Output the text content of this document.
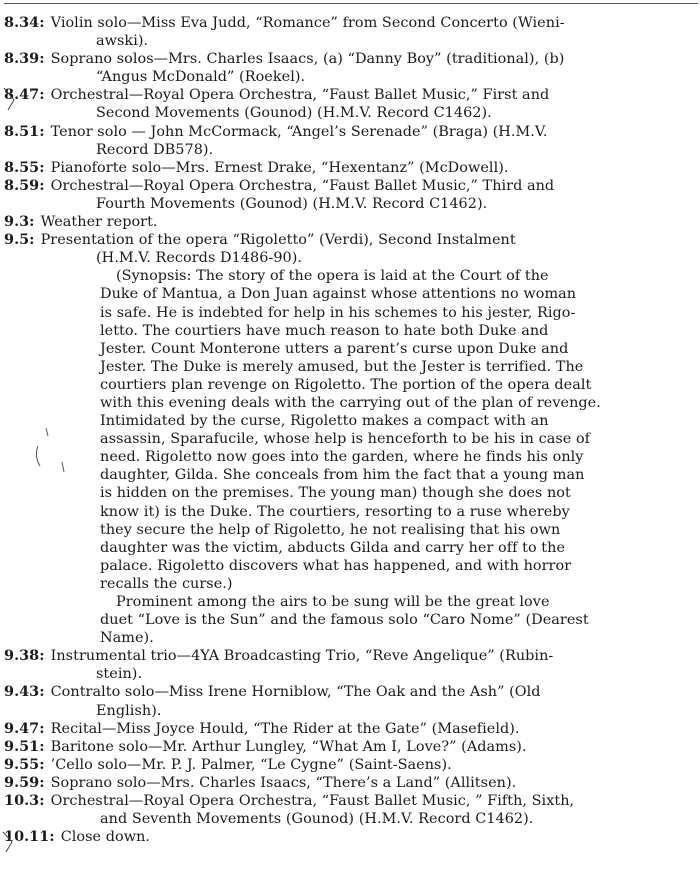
8.34: Violin solo—Miss Eva Judd, “Romance” from Second Concerto (Wieni-
awski).
8.39: Soprano solos—Mrs. Charles Isaacs, (a) “Danny Boy” (traditional), (b)
“Angus McDonald” (Roekel).
8.47: Orchestral—Royal Opera Orchestra, “Faust Ballet Music,” First and
Second Movements (Gounod) (H.M.V. Record C1462).
8.51: Tenor solo — John McCormack, “Angel’s Serenade” (Braga) (H.M.V.
Record DB578).
8.55: Pianoforte solo—Mrs. Ernest Drake, “Hexentanz” (McDowell).
8.59: Orchestral—Royal Opera Orchestra, “Faust Ballet Music,” Third and
Fourth Movements (Gounod) (H.M.V. Record C1462).
9.3: Weather report.
9.5: Presentation of the opera “Rigoletto” (Verdi), Second Instalment
(H.M.V. Records D1486-90).
(Synopsis: The story of the opera is laid at the Court of the
Duke of Mantua, a Don Juan against whose attentions no woman
is safe. He is indebted for help in his schemes to his jester, Rigo-
letto. The courtiers have much reason to hate both Duke and
Jester. Count Monterone utters a parent’s curse upon Duke and
Jester. The Duke is merely amused, but the Jester is terrified. The
courtiers plan revenge on Rigoletto. The portion of the opera dealt
with this evening deals with the carrying out of the plan of revenge.
Intimidated by the curse, Rigoletto makes a compact with an
assassin, Sparafucile, whose help is henceforth to be his in case of
need. Rigoletto now goes into the garden, where he finds his only
daughter, Gilda. She conceals from him the fact that a young man
is hidden on the premises. The young man) though she does not
know it) is the Duke. The courtiers, resorting to a ruse whereby
they secure the help of Rigoletto, he not realising that his own
daughter was the victim, abducts Gilda and carry her off to the
palace. Rigoletto discovers what has happened, and with horror
recalls the curse.)
Prominent among the airs to be sung will be the great love
duet “Love is the Sun” and the famous solo “Caro Nome” (Dearest
Name).
9.38: Instrumental trio—4YA Broadcasting Trio, “Reve Angelique” (Rubin-
stein).
9.43: Contralto solo—Miss Irene Horniblow, “The Oak and the Ash” (Old
English).
9.47: Recital—Miss Joyce Hould, “The Rider at the Gate” (Masefield).
9.51: Baritone solo—Mr. Arthur Lungley, “What Am I, Love?” (Adams).
9.55: ’Cello solo—Mr. P. J. Palmer, “Le Cygne” (Saint-Saens).
9.59: Soprano solo—Mrs. Charles Isaacs, “There’s a Land” (Allitsen).
10.3: Orchestral—Royal Opera Orchestra, “Faust Ballet Music, ” Fifth, Sixth,
and Seventh Movements (Gounod) (H.M.V. Record C1462).
10.11: Close down.
